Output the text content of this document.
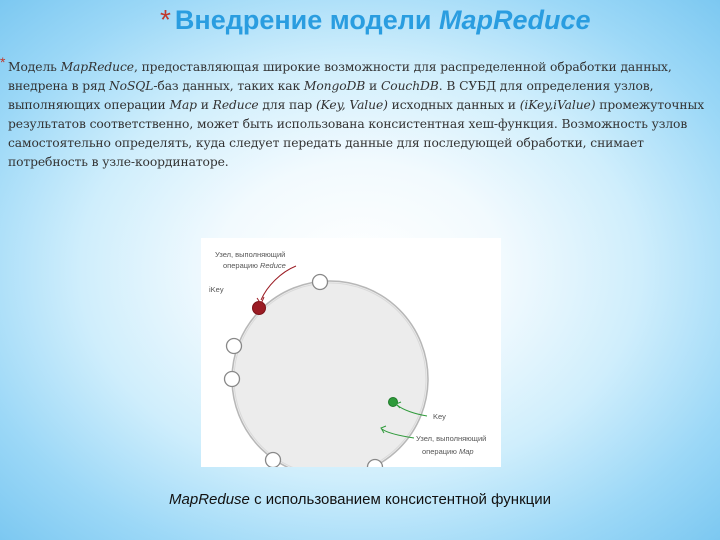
* Внедрение модели MapReduce
* Модель MapReduce, предоставляющая широкие возможности для распределенной обработки данных, внедрена в ряд NoSQL-баз данных, таких как MongoDB и CouchDB. В СУБД для определения узлов, выполняющих операции Map и Reduce для пар (Key, Value) исходных данных и (iKey,iValue) промежуточных результатов соответственно, может быть использована консистентная хеш-функция. Возможность узлов самостоятельно определять, куда следует передать данные для последующей обработки, снимает потребность в узле-координаторе.
Узел, выполняющий
операцию Reduce
iKey
Key
Узел, выполняющий
операцию Map
MapReduse с использованием консистентной функции
